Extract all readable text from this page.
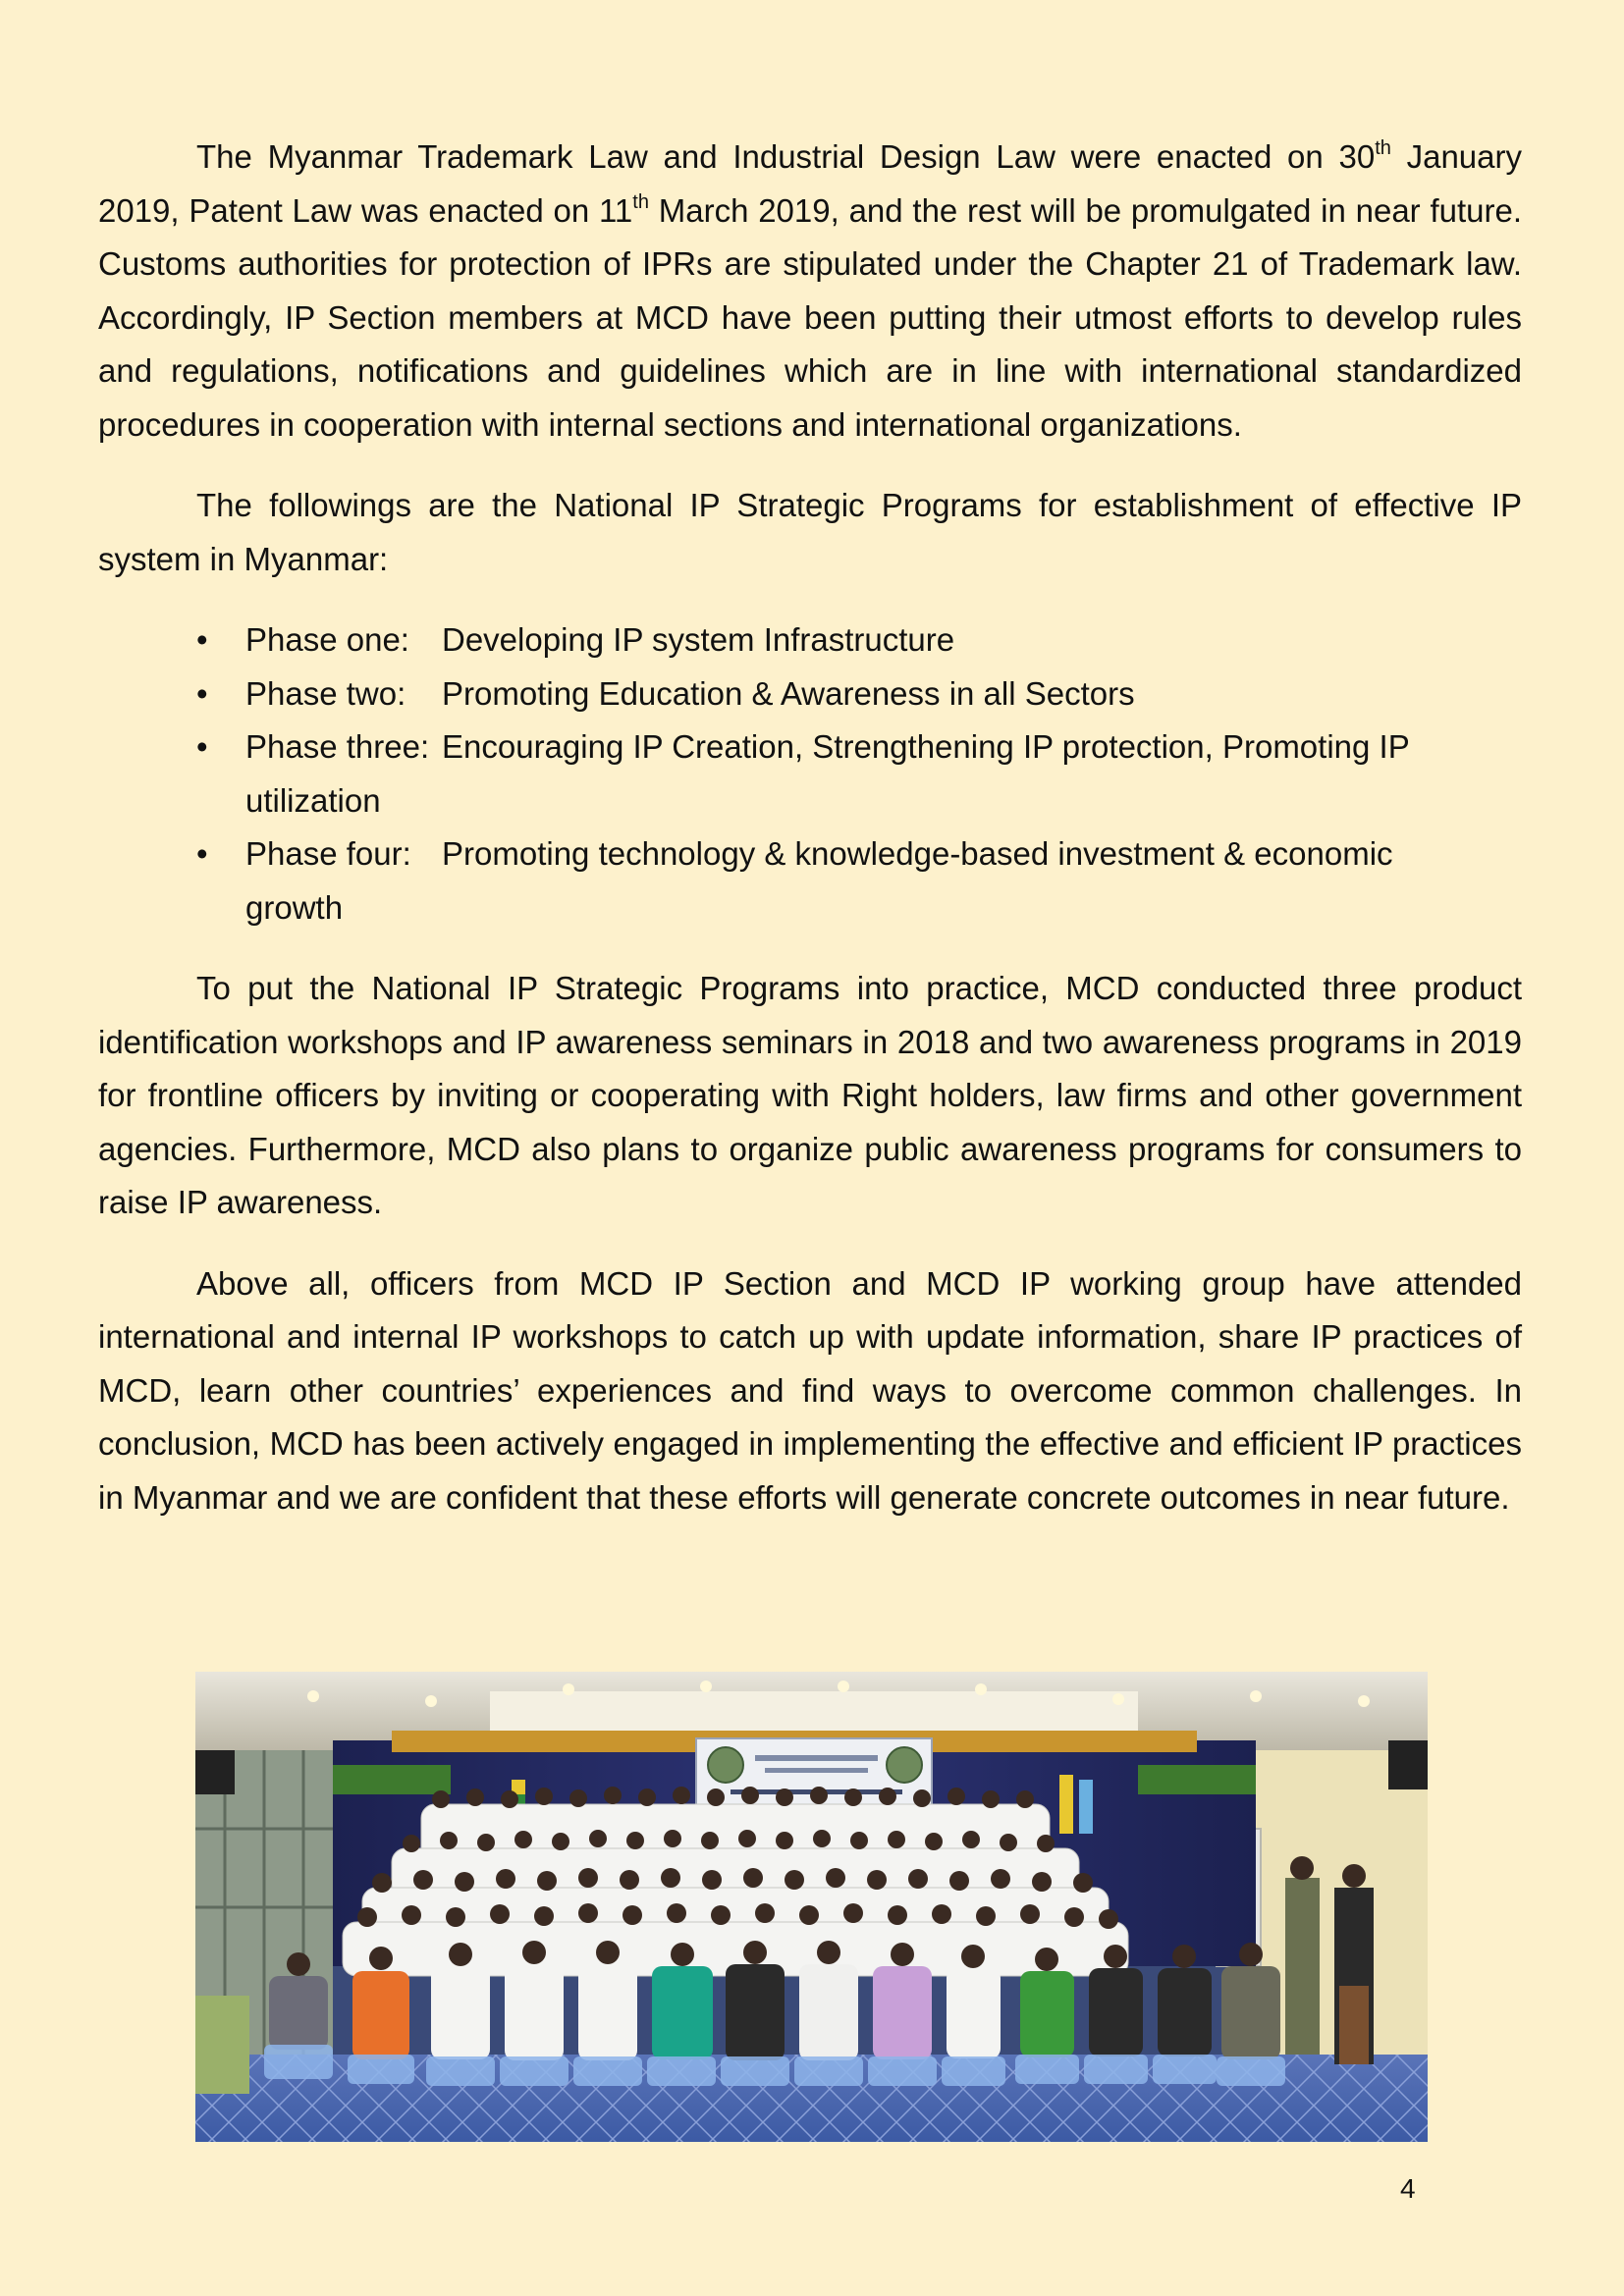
The Myanmar Trademark Law and Industrial Design Law were enacted on 30th January 2019, Patent Law was enacted on 11th March 2019, and the rest will be promulgated in near future. Customs authorities for protection of IPRs are stipulated under the Chapter 21 of Trademark law. Accordingly, IP Section members at MCD have been putting their utmost efforts to develop rules and regulations, notifications and guidelines which are in line with international standardized procedures in cooperation with internal sections and international organizations.

The followings are the National IP Strategic Programs for establishment of effective IP system in Myanmar:

• Phase one:	Developing IP system Infrastructure
• Phase two:	Promoting Education & Awareness in all Sectors
• Phase three: Encouraging IP Creation, Strengthening IP protection, Promoting IP
utilization
• Phase four: Promoting technology & knowledge-based investment & economic
growth

To put the National IP Strategic Programs into practice, MCD conducted three product identification workshops and IP awareness seminars in 2018 and two awareness programs in 2019 for frontline officers by inviting or cooperating with Right holders, law firms and other government agencies. Furthermore, MCD also plans to organize public awareness programs for consumers to raise IP awareness.

Above all, officers from MCD IP Section and MCD IP working group have attended international and internal IP workshops to catch up with update information, share IP practices of MCD, learn other countries’ experiences and find ways to overcome common challenges. In conclusion, MCD has been actively engaged in implementing the effective and efficient IP practices in Myanmar and we are confident that these efforts will generate concrete outcomes in near future.

4
